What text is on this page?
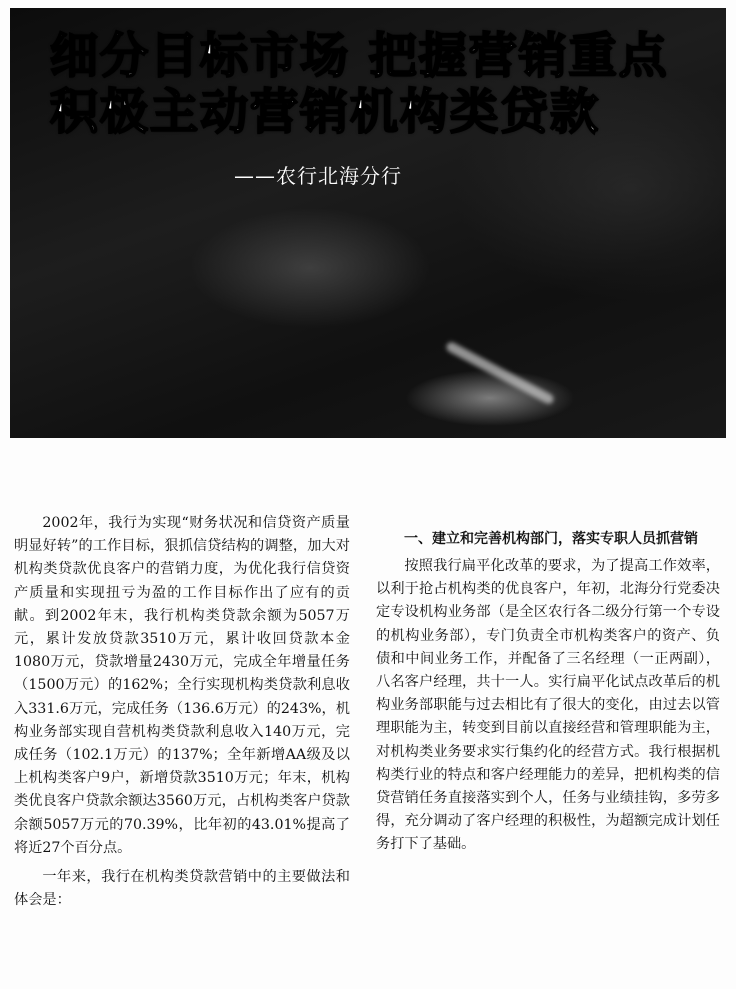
细分目标市场 把握营销重点
积极主动营销机构类贷款
——农行北海分行

2002年，我行为实现“财务状况和信贷资产质量明显好转”的工作目标，狠抓信贷结构的调整，加大对机构类贷款优良客户的营销力度，为优化我行信贷资产质量和实现扭亏为盈的工作目标作出了应有的贡献。到2002年末，我行机构类贷款余额为5057万元，累计发放贷款3510万元，累计收回贷款本金1080万元，贷款增量2430万元，完成全年增量任务（1500万元）的162%；全行实现机构类贷款利息收入331.6万元，完成任务（136.6万元）的243%，机构业务部实现自营机构类贷款利息收入140万元，完成任务（102.1万元）的137%；全年新增AA级及以上机构类客户9户，新增贷款3510万元；年末，机构类优良客户贷款余额达3560万元，占机构类客户贷款余额5057万元的70.39%，比年初的43.01%提高了将近27个百分点。

一年来，我行在机构类贷款营销中的主要做法和体会是：

一、建立和完善机构部门，落实专职人员抓营销

按照我行扁平化改革的要求，为了提高工作效率，以利于抢占机构类的优良客户，年初，北海分行党委决定专设机构业务部（是全区农行各二级分行第一个专设的机构业务部），专门负责全市机构类客户的资产、负债和中间业务工作，并配备了三名经理（一正两副），八名客户经理，共十一人。实行扁平化试点改革后的机构业务部职能与过去相比有了很大的变化，由过去以管理职能为主，转变到目前以直接经营和管理职能为主，对机构类业务要求实行集约化的经营方式。我行根据机构类行业的特点和客户经理能力的差异，把机构类的信贷营销任务直接落实到个人，任务与业绩挂钩，多劳多得，充分调动了客户经理的积极性，为超额完成计划任务打下了基础。
